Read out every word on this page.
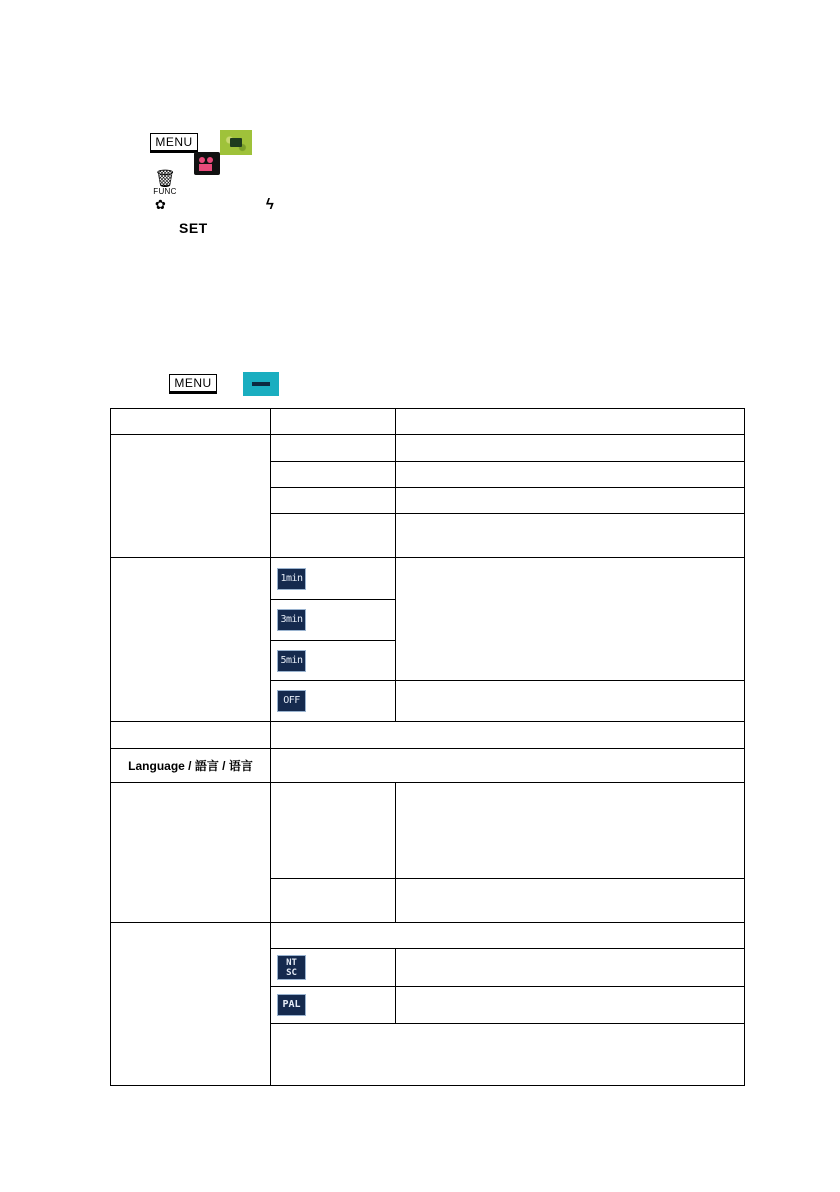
MENU
🗑
FUNC
✿	ϟ
SET
MENU

	1min	
	3min	
	5min	
	OFF	

Language / 語言 / 语言		

	NT
SC	
	PAL	
